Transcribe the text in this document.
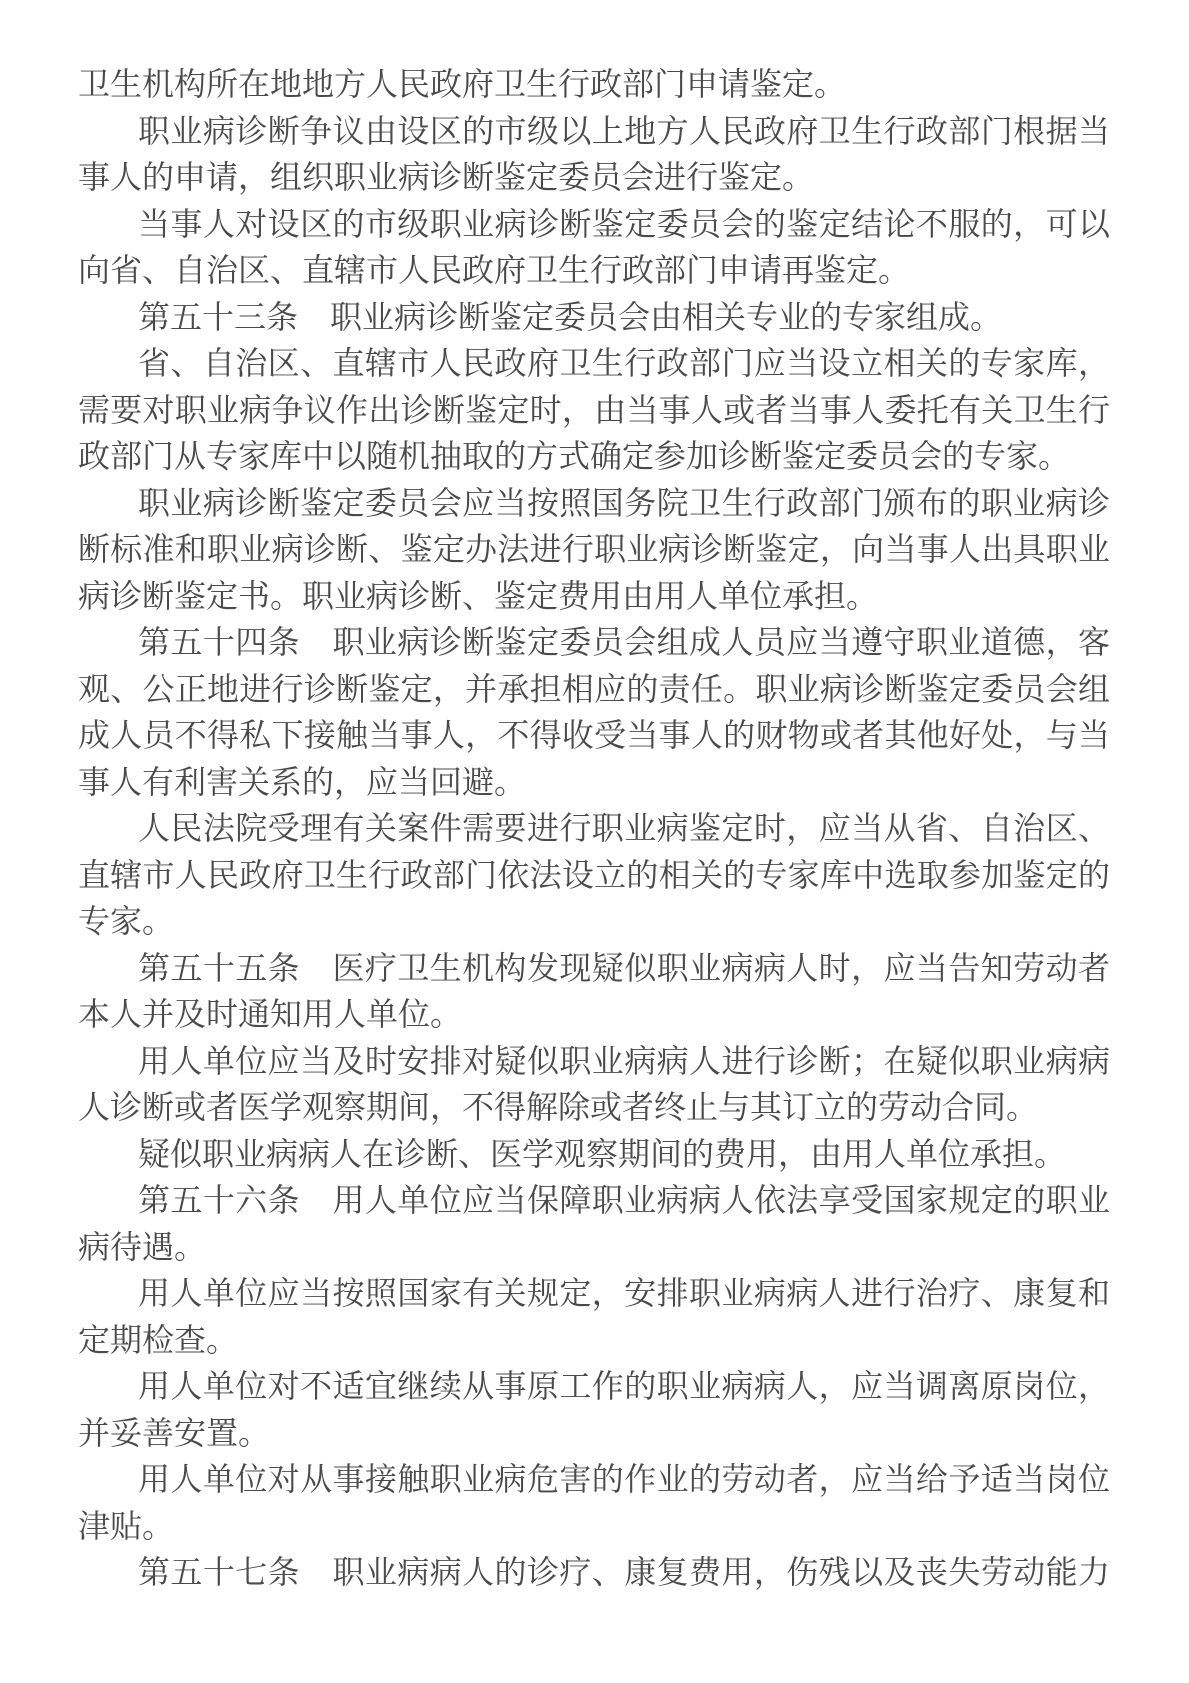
卫生机构所在地地方人民政府卫生行政部门申请鉴定。
职业病诊断争议由设区的市级以上地方人民政府卫生行政部门根据当
事人的申请，组织职业病诊断鉴定委员会进行鉴定。
当事人对设区的市级职业病诊断鉴定委员会的鉴定结论不服的，可以
向省、自治区、直辖市人民政府卫生行政部门申请再鉴定。
第五十三条　职业病诊断鉴定委员会由相关专业的专家组成。
省、自治区、直辖市人民政府卫生行政部门应当设立相关的专家库，
需要对职业病争议作出诊断鉴定时，由当事人或者当事人委托有关卫生行
政部门从专家库中以随机抽取的方式确定参加诊断鉴定委员会的专家。
职业病诊断鉴定委员会应当按照国务院卫生行政部门颁布的职业病诊
断标准和职业病诊断、鉴定办法进行职业病诊断鉴定，向当事人出具职业
病诊断鉴定书。职业病诊断、鉴定费用由用人单位承担。
第五十四条　职业病诊断鉴定委员会组成人员应当遵守职业道德，客
观、公正地进行诊断鉴定，并承担相应的责任。职业病诊断鉴定委员会组
成人员不得私下接触当事人，不得收受当事人的财物或者其他好处，与当
事人有利害关系的，应当回避。
人民法院受理有关案件需要进行职业病鉴定时，应当从省、自治区、
直辖市人民政府卫生行政部门依法设立的相关的专家库中选取参加鉴定的
专家。
第五十五条　医疗卫生机构发现疑似职业病病人时，应当告知劳动者
本人并及时通知用人单位。
用人单位应当及时安排对疑似职业病病人进行诊断；在疑似职业病病
人诊断或者医学观察期间，不得解除或者终止与其订立的劳动合同。
疑似职业病病人在诊断、医学观察期间的费用，由用人单位承担。
第五十六条　用人单位应当保障职业病病人依法享受国家规定的职业
病待遇。
用人单位应当按照国家有关规定，安排职业病病人进行治疗、康复和
定期检查。
用人单位对不适宜继续从事原工作的职业病病人，应当调离原岗位，
并妥善安置。
用人单位对从事接触职业病危害的作业的劳动者，应当给予适当岗位
津贴。
第五十七条　职业病病人的诊疗、康复费用，伤残以及丧失劳动能力
